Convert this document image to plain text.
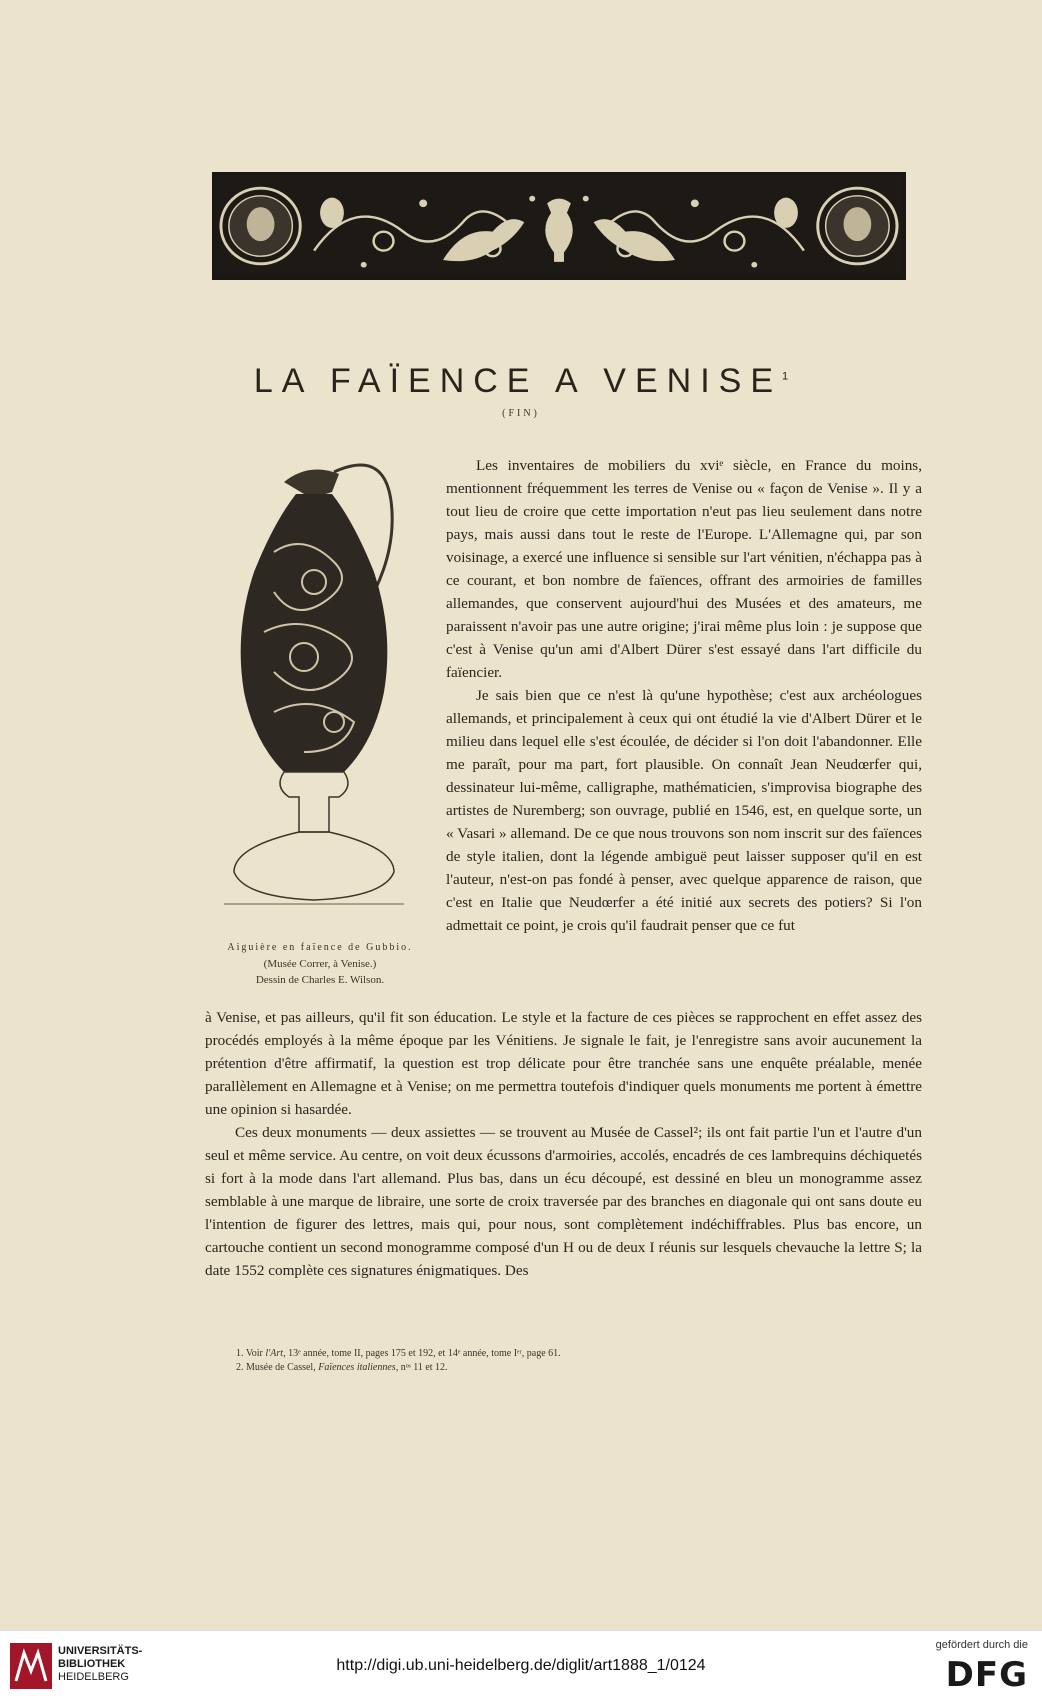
LA FAÏENCE A VENISE$^1$
(FIN)
Aiguière en faïence de Gubbio.
(Musée Correr, à Venise.)
Dessin de Charles E. Wilson.

Les inventaires de mobiliers du xviᵉ siècle, en France du moins, mentionnent fréquemment les terres de Venise ou « façon de Venise ». Il y a tout lieu de croire que cette importation n'eut pas lieu seulement dans notre pays, mais aussi dans tout le reste de l'Europe. L'Allemagne qui, par son voisinage, a exercé une influence si sensible sur l'art vénitien, n'échappa pas à ce courant, et bon nombre de faïences, offrant des armoiries de familles allemandes, que conservent aujourd'hui des Musées et des amateurs, me paraissent n'avoir pas une autre origine; j'irai même plus loin : je suppose que c'est à Venise qu'un ami d'Albert Dürer s'est essayé dans l'art difficile du faïencier.

Je sais bien que ce n'est là qu'une hypothèse; c'est aux archéologues allemands, et principalement à ceux qui ont étudié la vie d'Albert Dürer et le milieu dans lequel elle s'est écoulée, de décider si l'on doit l'abandonner. Elle me paraît, pour ma part, fort plausible. On connaît Jean Neudœrfer qui, dessinateur lui-même, calligraphe, mathématicien, s'improvisa biographe des artistes de Nuremberg; son ouvrage, publié en 1546, est, en quelque sorte, un « Vasari » allemand. De ce que nous trouvons son nom inscrit sur des faïences de style italien, dont la légende ambiguë peut laisser supposer qu'il en est l'auteur, n'est-on pas fondé à penser, avec quelque apparence de raison, que c'est en Italie que Neudœrfer a été initié aux secrets des potiers? Si l'on admettait ce point, je crois qu'il faudrait penser que ce fut

à Venise, et pas ailleurs, qu'il fit son éducation. Le style et la facture de ces pièces se rapprochent en effet assez des procédés employés à la même époque par les Vénitiens. Je signale le fait, je l'enregistre sans avoir aucunement la prétention d'être affirmatif, la question est trop délicate pour être tranchée sans une enquête préalable, menée parallèlement en Allemagne et à Venise; on me permettra toutefois d'indiquer quels monuments me portent à émettre une opinion si hasardée.

Ces deux monuments — deux assiettes — se trouvent au Musée de Cassel²; ils ont fait partie l'un et l'autre d'un seul et même service. Au centre, on voit deux écussons d'armoiries, accolés, encadrés de ces lambrequins déchiquetés si fort à la mode dans l'art allemand. Plus bas, dans un écu découpé, est dessiné en bleu un monogramme assez semblable à une marque de libraire, une sorte de croix traversée par des branches en diagonale qui ont sans doute eu l'intention de figurer des lettres, mais qui, pour nous, sont complètement indéchiffrables. Plus bas encore, un cartouche contient un second monogramme composé d'un H ou de deux I réunis sur lesquels chevauche la lettre S; la date 1552 complète ces signatures énigmatiques. Des

1. Voir l'Art, 13ᵉ année, tome II, pages 175 et 192, et 14ᵉ année, tome Iᵉʳ, page 61.
2. Musée de Cassel, Faïences italiennes, nᵒˢ 11 et 12.
UNIVERSITÄTS-
BIBLIOTHEK
HEIDELBERG
http://digi.ub.uni-heidelberg.de/diglit/art1888_1/0124
gefördert durch die
DFG
